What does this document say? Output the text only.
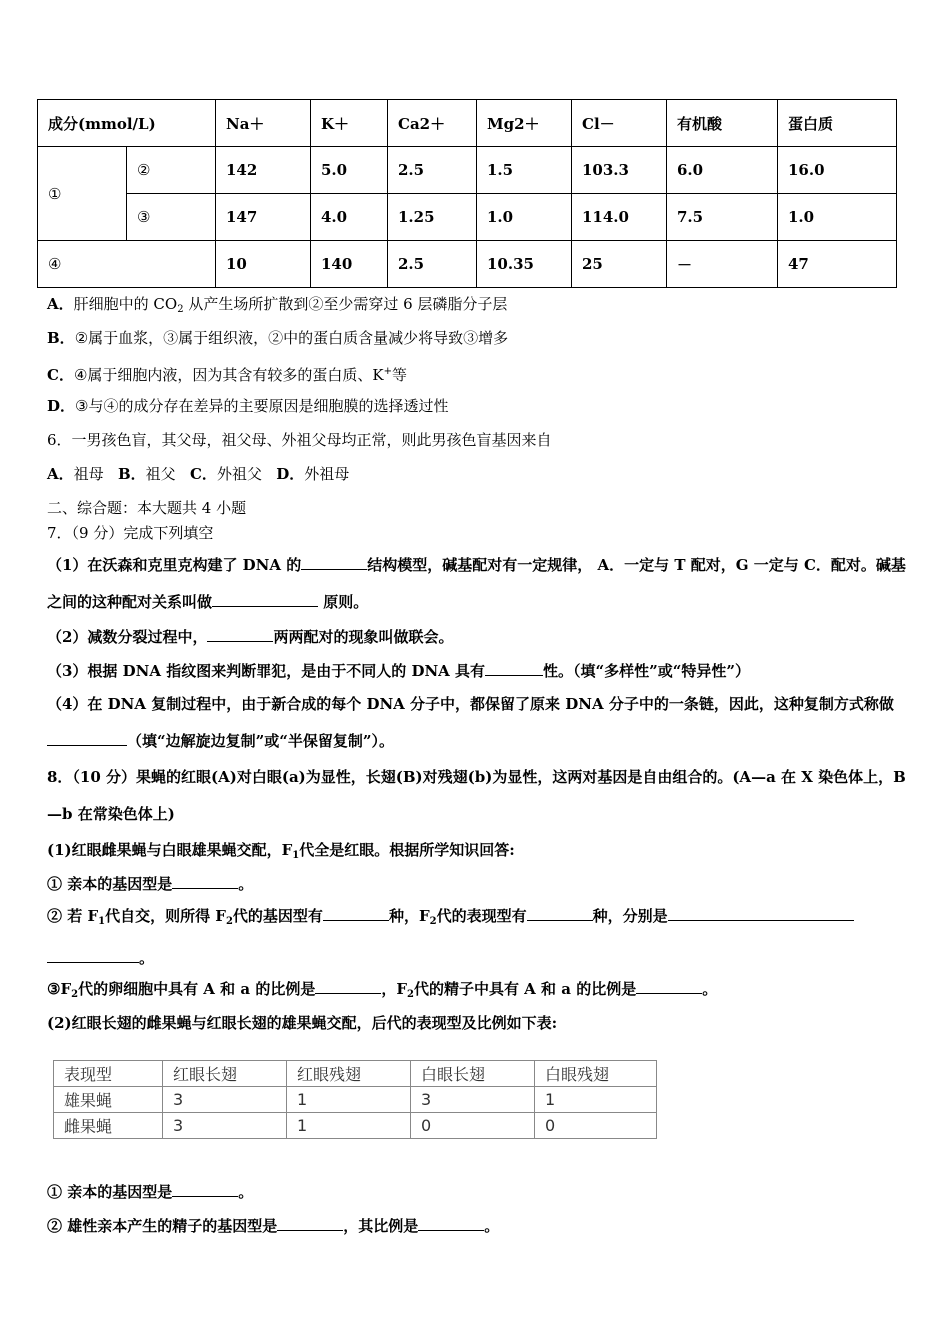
成分(mmol/L)		Na＋	K＋	Ca2＋	Mg2＋	Cl－	有机酸	蛋白质
①	②	142	5.0	2.5	1.5	103.3	6.0	16.0
	③	147	4.0	1.25	1.0	114.0	7.5	1.0
④		10	140	2.5	10.35	25	－	47
A．肝细胞中的 $CO_2$ 从产生场所扩散到②至少需穿过 6 层磷脂分子层
B．②属于血浆，③属于组织液，②中的蛋白质含量减少将导致③增多
C．④属于细胞内液，因为其含有较多的蛋白质、K+等
D．③与④的成分存在差异的主要原因是细胞膜的选择透过性
6．一男孩色盲，其父母，祖父母、外祖父母均正常，则此男孩色盲基因来自
A．祖母 B．祖父 C．外祖父 D．外祖母
二、综合题：本大题共 4 小题
7．（9 分）完成下列填空
（1）在沃森和克里克构建了 DNA 的	结构模型，碱基配对有一定规律， A．一定与 T 配对，G 一定与 C．配对。碱基之间的这种配对关系叫做	原则。
（2）减数分裂过程中，	两两配对的现象叫做联会。
（3）根据 DNA 指纹图来判断罪犯，是由于不同人的 DNA 具有	性。（填“多样性”或“特异性”）
（4）在 DNA 复制过程中，由于新合成的每个 DNA 分子中，都保留了原来 DNA 分子中的一条链，因此，这种复制方式称做（填“边解旋边复制”或“半保留复制”）。
8．（10 分）果蝇的红眼(A)对白眼(a)为显性，长翅(B)对残翅(b)为显性，这两对基因是自由组合的。(A—a 在 X 染色体上，B—b 在常染色体上)
(1)红眼雌果蝇与白眼雄果蝇交配，$F_1$代全是红眼。根据所学知识回答:
① 亲本的基因型是	。
② 若 $F_1$代自交，则所得 $F_2$代的基因型有	种，$F_2$代的表现型有	种，分别是
。
$③F_2$代的卵细胞中具有 A 和 a 的比例是	，$F_2$代的精子中具有 A 和 a 的比例是	。
(2)红眼长翅的雌果蝇与红眼长翅的雄果蝇交配，后代的表现型及比例如下表:
表现型	红眼长翅	红眼残翅	白眼长翅	白眼残翅
雄果蝇	3	1	3	1
雌果蝇	3	1	0	0
① 亲本的基因型是	。
② 雄性亲本产生的精子的基因型是	，其比例是	。
